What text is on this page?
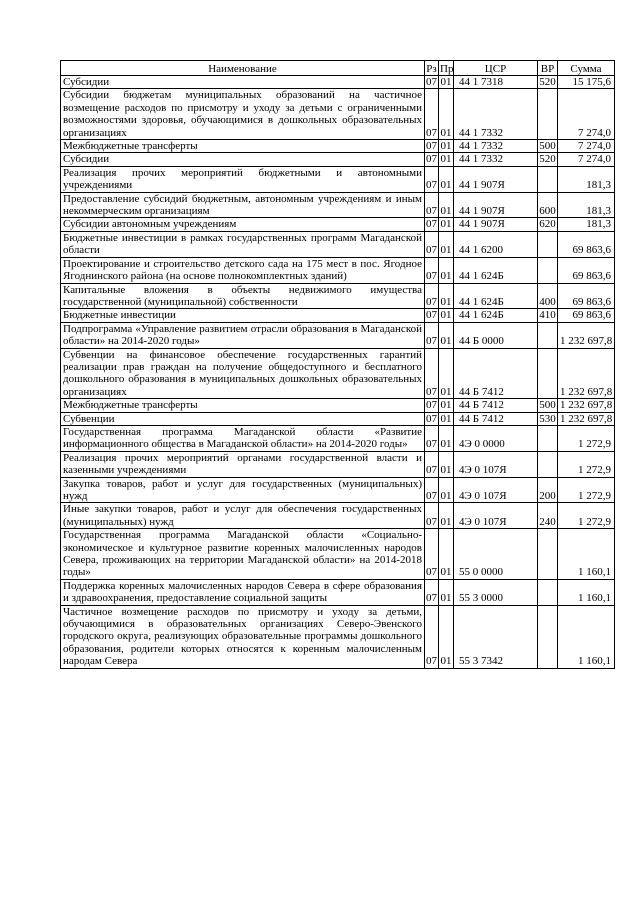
Наименование	Рз	Пр	ЦСР	ВР	Сумма
Субсидии	07	01	44 1 7318	520	15 175,6
Субсидии бюджетам муниципальных образований на частичное возмещение расходов по присмотру и уходу за детьми с ограниченными возможностями здоровья, обучающимися в дошкольных образовательных организациях	07	01	44 1 7332		7 274,0
Межбюджетные трансферты	07	01	44 1 7332	500	7 274,0
Субсидии	07	01	44 1 7332	520	7 274,0
Реализация прочих мероприятий бюджетными и автономными учреждениями	07	01	44 1 907Я		181,3
Предоставление субсидий бюджетным, автономным учреждениям и иным некоммерческим организациям	07	01	44 1 907Я	600	181,3
Субсидии автономным учреждениям	07	01	44 1 907Я	620	181,3
Бюджетные инвестиции в рамках государственных программ Магаданской области	07	01	44 1 6200		69 863,6
Проектирование и строительство детского сада на 175 мест в пос. Ягодное Ягоднинского района (на основе полнокомплектных зданий)	07	01	44 1 624Б		69 863,6
Капитальные вложения в объекты недвижимого имущества государственной (муниципальной) собственности	07	01	44 1 624Б	400	69 863,6
Бюджетные инвестиции	07	01	44 1 624Б	410	69 863,6
Подпрограмма «Управление развитием отрасли образования в Магаданской области» на 2014-2020 годы»	07	01	44 Б 0000		1 232 697,8
Субвенции на финансовое обеспечение государственных гарантий реализации прав граждан на получение общедоступного и бесплатного дошкольного образования в муниципальных дошкольных образовательных организациях	07	01	44 Б 7412		1 232 697,8
Межбюджетные трансферты	07	01	44 Б 7412	500	1 232 697,8
Субвенции	07	01	44 Б 7412	530	1 232 697,8
Государственная программа Магаданской области «Развитие информационного общества в Магаданской области» на 2014-2020 годы»	07	01	4Э 0 0000		1 272,9
Реализация прочих мероприятий органами государственной власти и казенными учреждениями	07	01	4Э 0 107Я		1 272,9
Закупка товаров, работ и услуг для государственных (муниципальных) нужд	07	01	4Э 0 107Я	200	1 272,9
Иные закупки товаров, работ и услуг для обеспечения государственных (муниципальных) нужд	07	01	4Э 0 107Я	240	1 272,9
Государственная программа Магаданской области «Социально-экономическое и культурное развитие коренных малочисленных народов Севера, проживающих на территории Магаданской области» на 2014-2018 годы»	07	01	55 0 0000		1 160,1
Поддержка коренных малочисленных народов Севера в сфере образования и здравоохранения, предоставление социальной защиты	07	01	55 3 0000		1 160,1
Частичное возмещение расходов по присмотру и уходу за детьми, обучающимися в образовательных организациях Северо-Эвенского городского округа, реализующих образовательные программы дошкольного образования, родители которых относятся к коренным малочисленным народам Севера	07	01	55 3 7342		1 160,1
